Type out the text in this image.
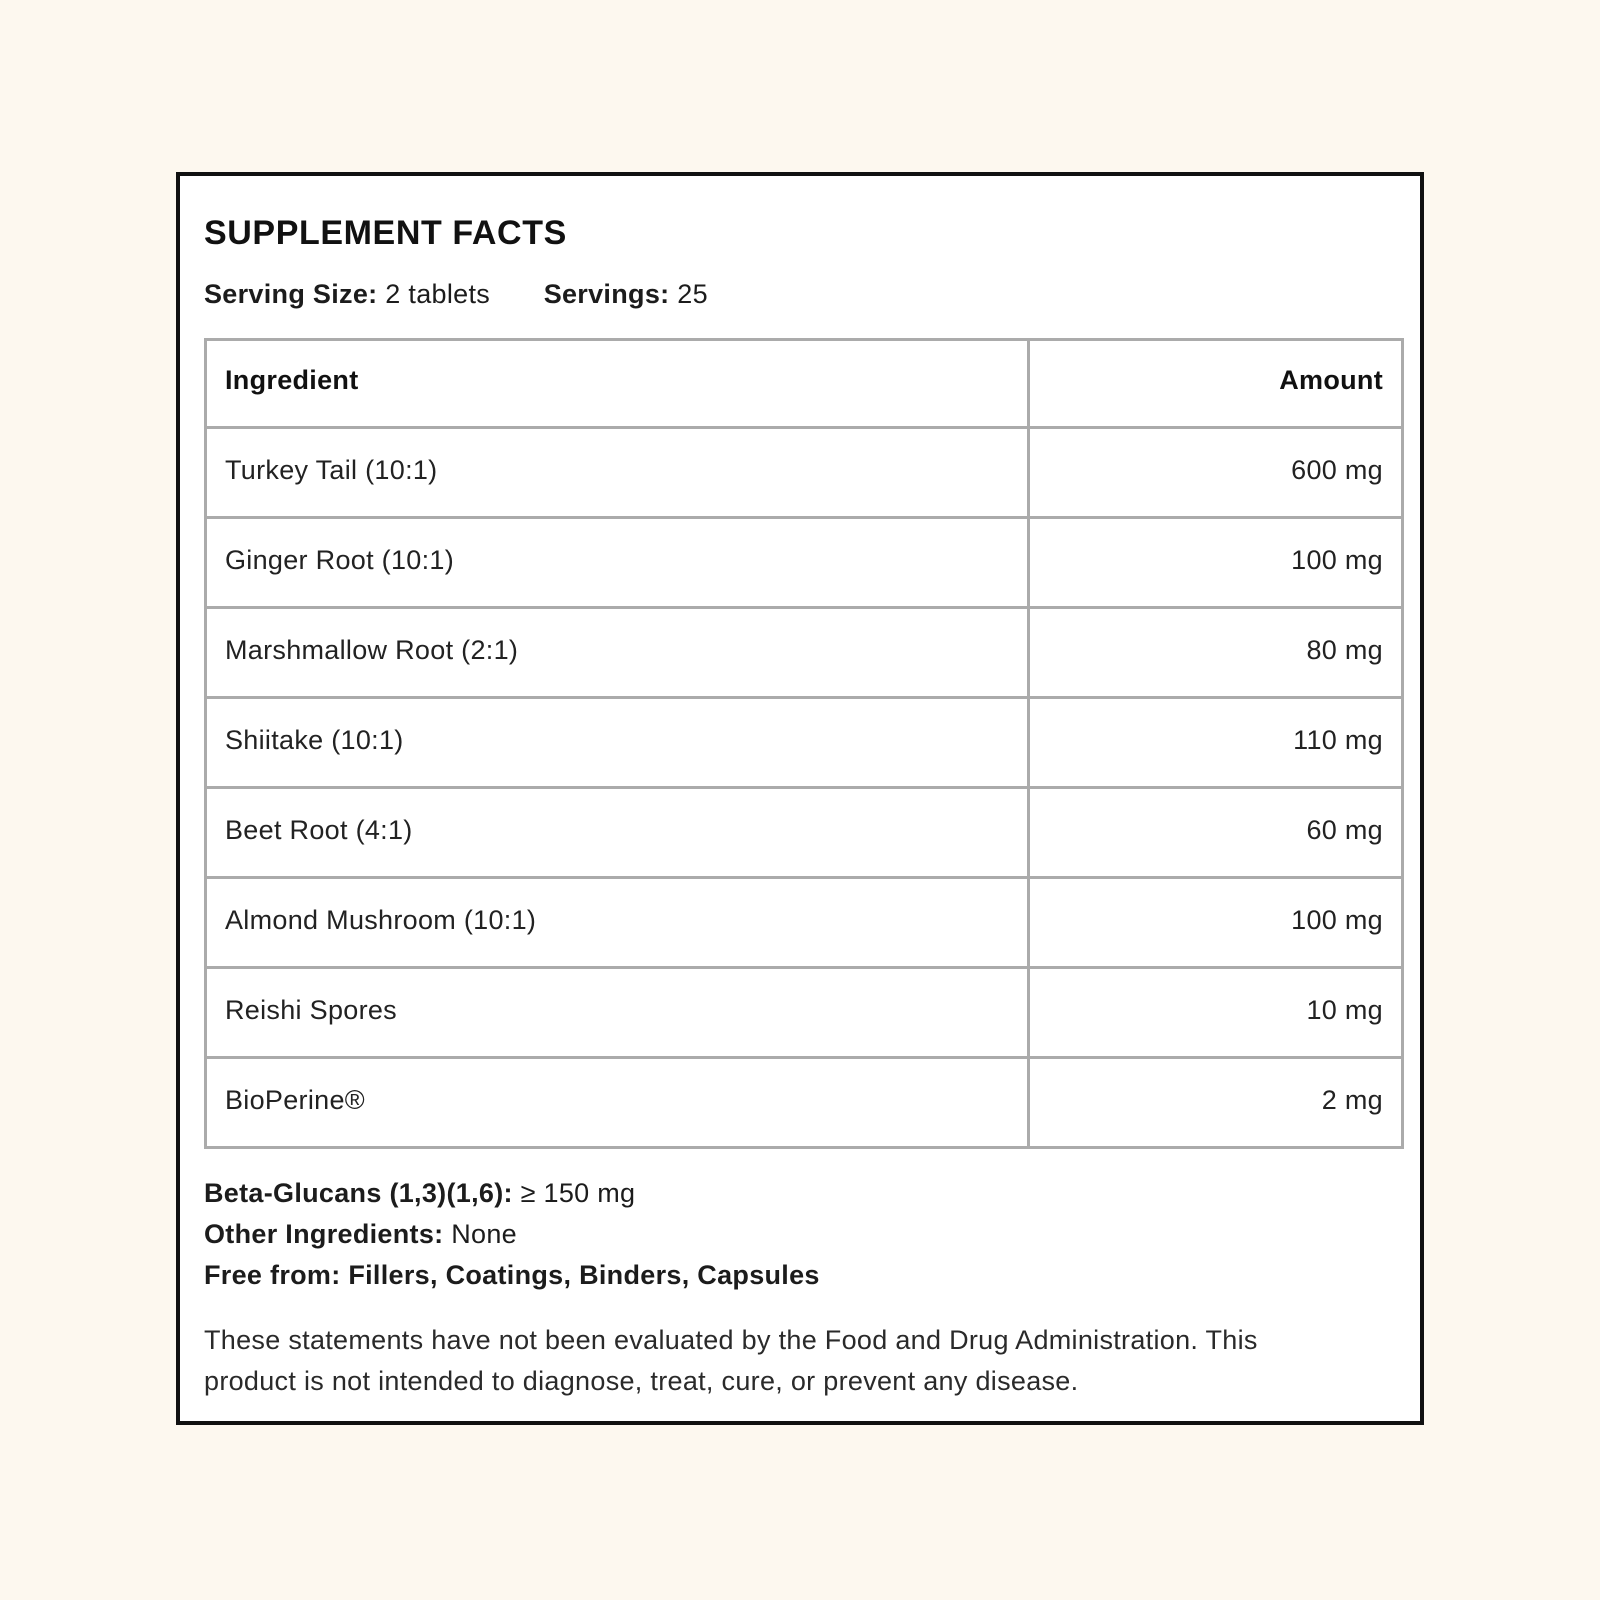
SUPPLEMENT FACTS
Serving Size: 2 tablets Servings: 25
Ingredient	Amount
Turkey Tail (10:1)	600 mg
Ginger Root (10:1)	100 mg
Marshmallow Root (2:1)	80 mg
Shiitake (10:1)	110 mg
Beet Root (4:1)	60 mg
Almond Mushroom (10:1)	100 mg
Reishi Spores	10 mg
BioPerine®	2 mg
Beta-Glucans (1,3)(1,6): ≥ 150 mg
Other Ingredients: None
Free from: Fillers, Coatings, Binders, Capsules

These statements have not been evaluated by the Food and Drug Administration. This product is not intended to diagnose, treat, cure, or prevent any disease.
